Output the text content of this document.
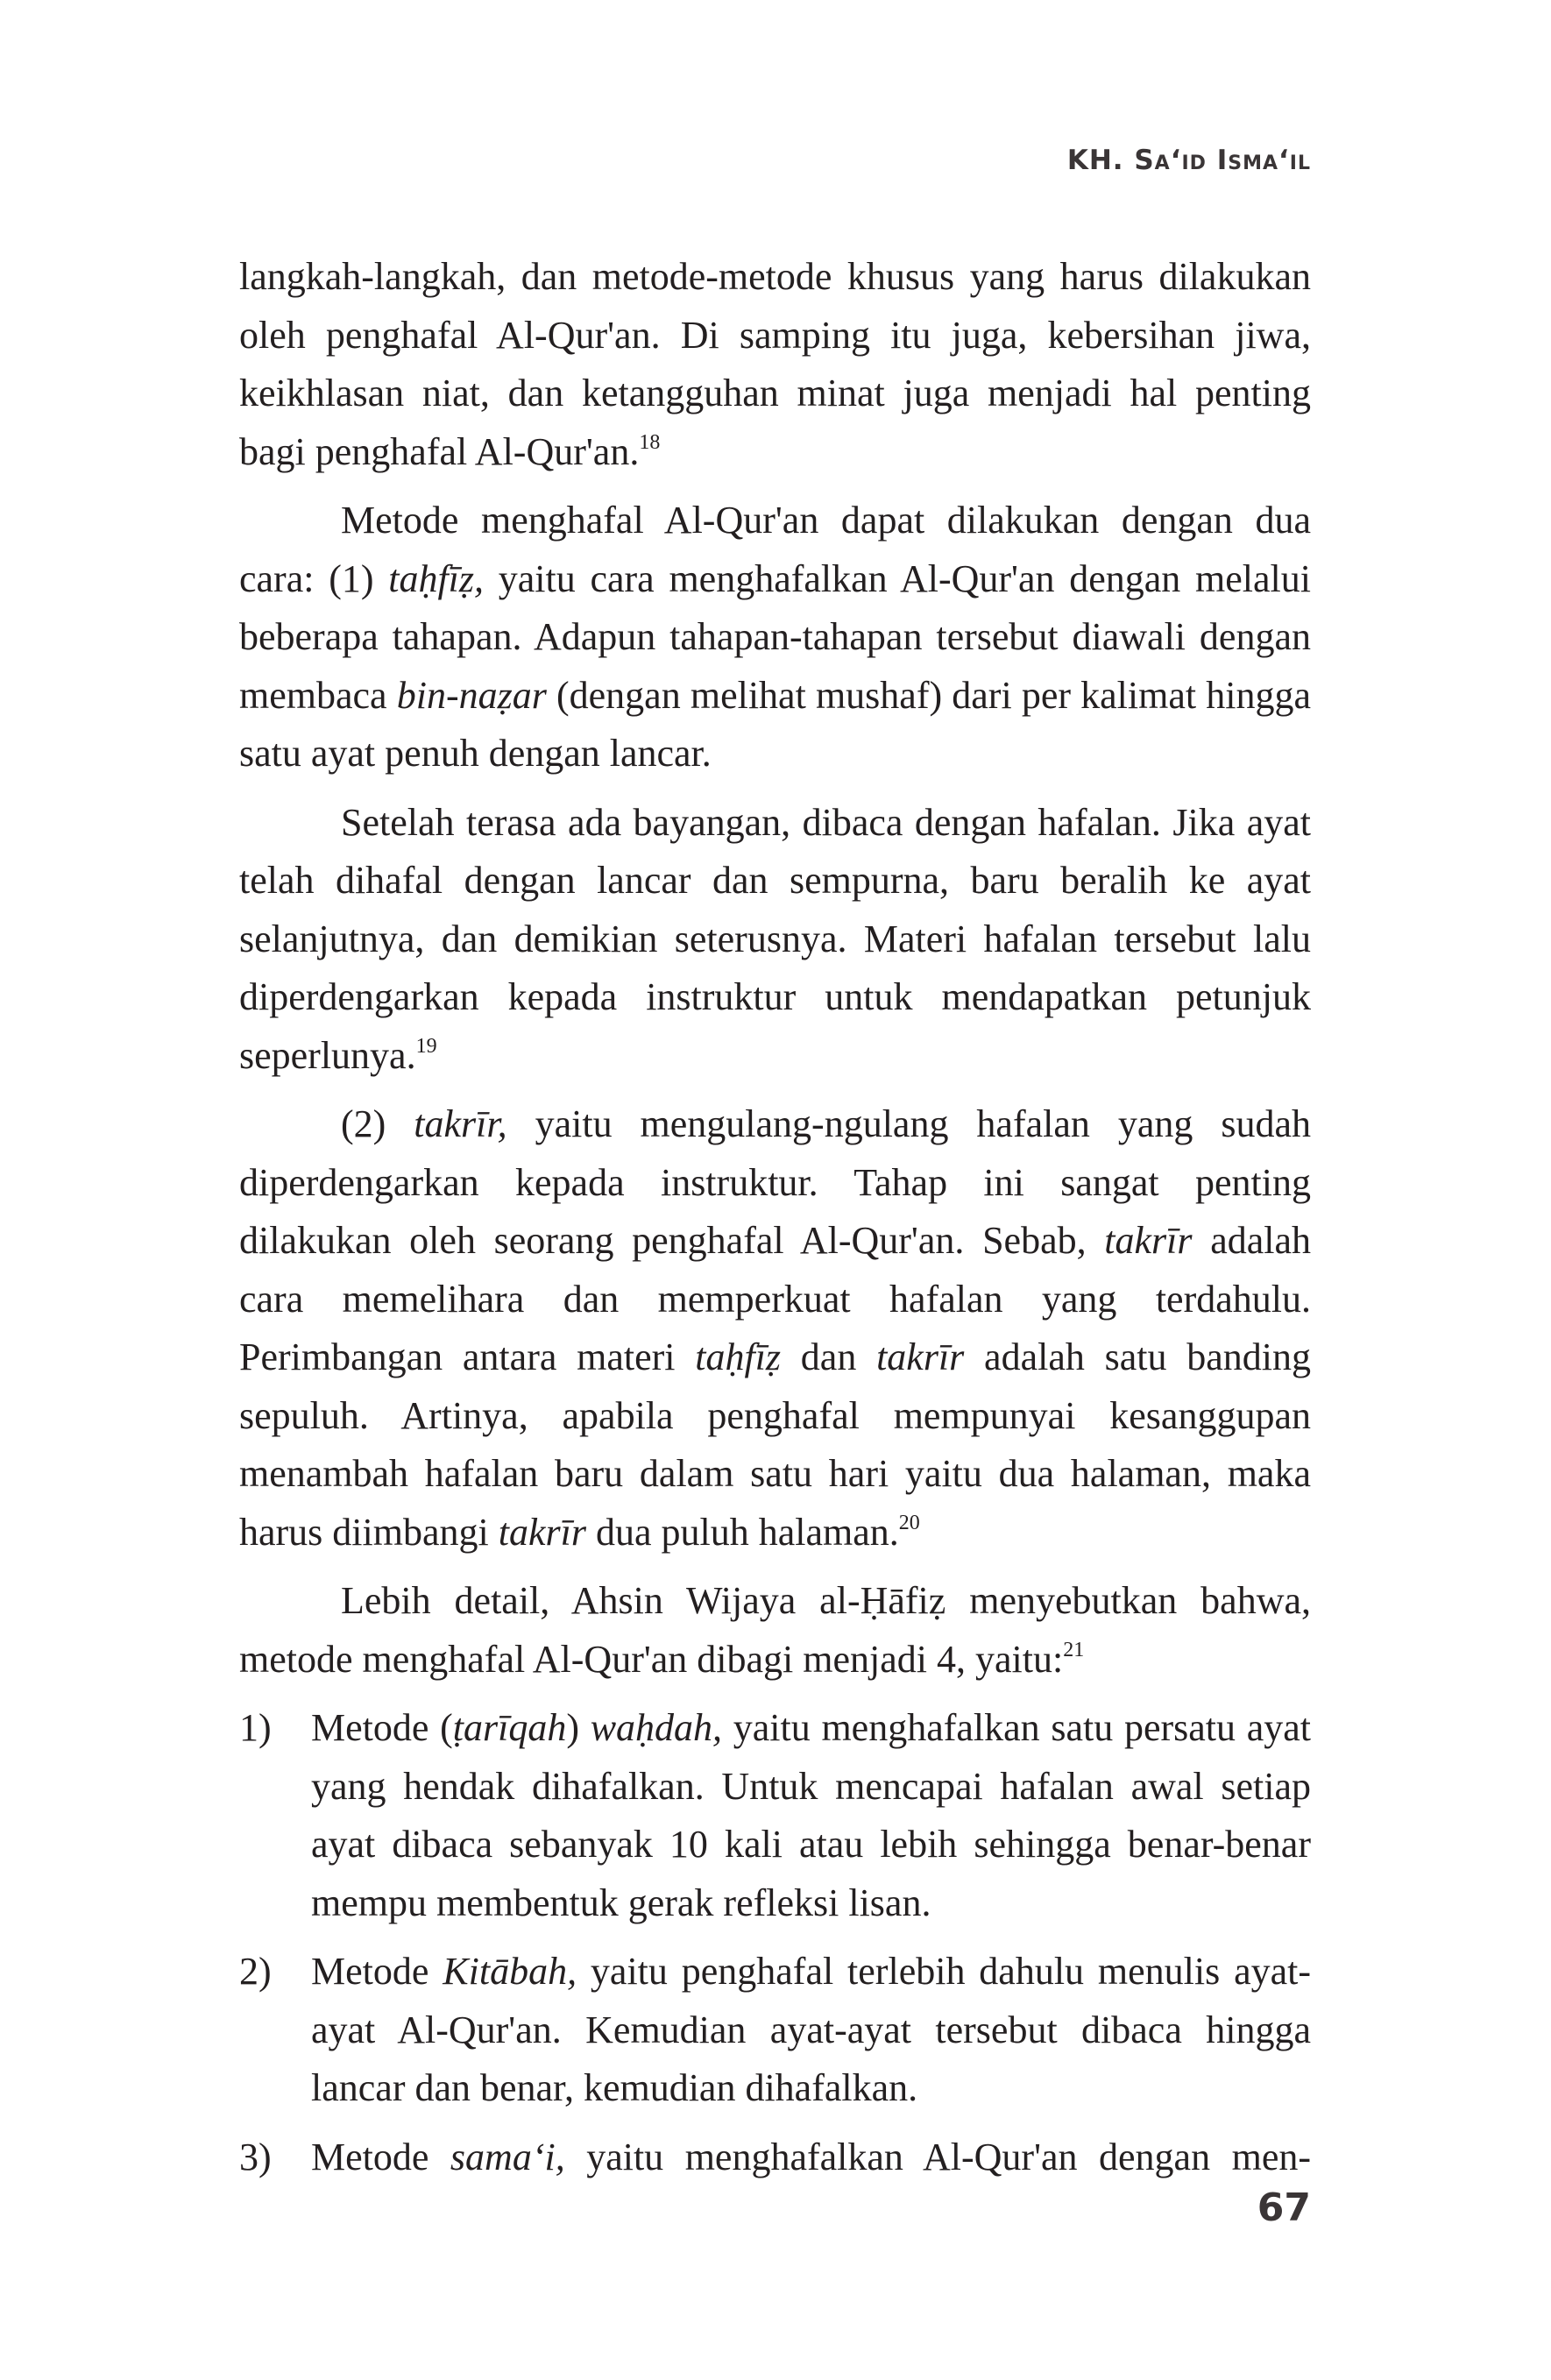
KH. Sa‘id Isma‘il

langkah-langkah, dan metode-metode khusus yang harus dilakukan oleh penghafal Al-Qur'an. Di samping itu juga, kebersihan jiwa, keikhlasan niat, dan ketangguhan minat juga menjadi hal penting bagi penghafal Al-Qur'an.$^{18}$

Metode menghafal Al-Qur'an dapat dilakukan dengan dua cara: (1) taḥfīẓ, yaitu cara menghafalkan Al-Qur'an dengan melalui beberapa tahapan. Adapun tahapan-tahapan tersebut diawali dengan membaca bin-naẓar (dengan melihat mushaf) dari per kalimat hingga satu ayat penuh dengan lancar.

Setelah terasa ada bayangan, dibaca dengan hafalan. Jika ayat telah dihafal dengan lancar dan sempurna, baru beralih ke ayat selanjutnya, dan demikian seterusnya. Materi hafalan tersebut lalu diperdengarkan kepada instruktur untuk mendapatkan petunjuk seperlunya.$^{19}$

(2) takrīr, yaitu mengulang-ngulang hafalan yang sudah diperdengarkan kepada instruktur. Tahap ini sangat penting dilakukan oleh seorang penghafal Al-Qur'an. Sebab, takrīr adalah cara memelihara dan memperkuat hafalan yang terdahulu. Perimbangan antara materi taḥfīẓ dan takrīr adalah satu banding sepuluh. Artinya, apabila penghafal mempunyai kesanggupan menambah hafalan baru dalam satu hari yaitu dua halaman, maka harus diimbangi takrīr dua puluh halaman.$^{20}$

Lebih detail, Ahsin Wijaya al-Ḥāfiẓ menyebutkan bahwa, metode menghafal Al-Qur'an dibagi menjadi 4, yaitu:$^{21}$

1) Metode (ṭarīqah) waḥdah, yaitu menghafalkan satu persatu ayat yang hendak dihafalkan. Untuk mencapai hafalan awal setiap ayat dibaca sebanyak 10 kali atau lebih sehingga benar-benar mempu membentuk gerak refleksi lisan.
2) Metode Kitābah, yaitu penghafal terlebih dahulu menulis ayat-ayat Al-Qur'an. Kemudian ayat-ayat tersebut dibaca hingga lancar dan benar, kemudian dihafalkan.
3) Metode sama‘i, yaitu menghafalkan Al-Qur'an dengan men-
67
